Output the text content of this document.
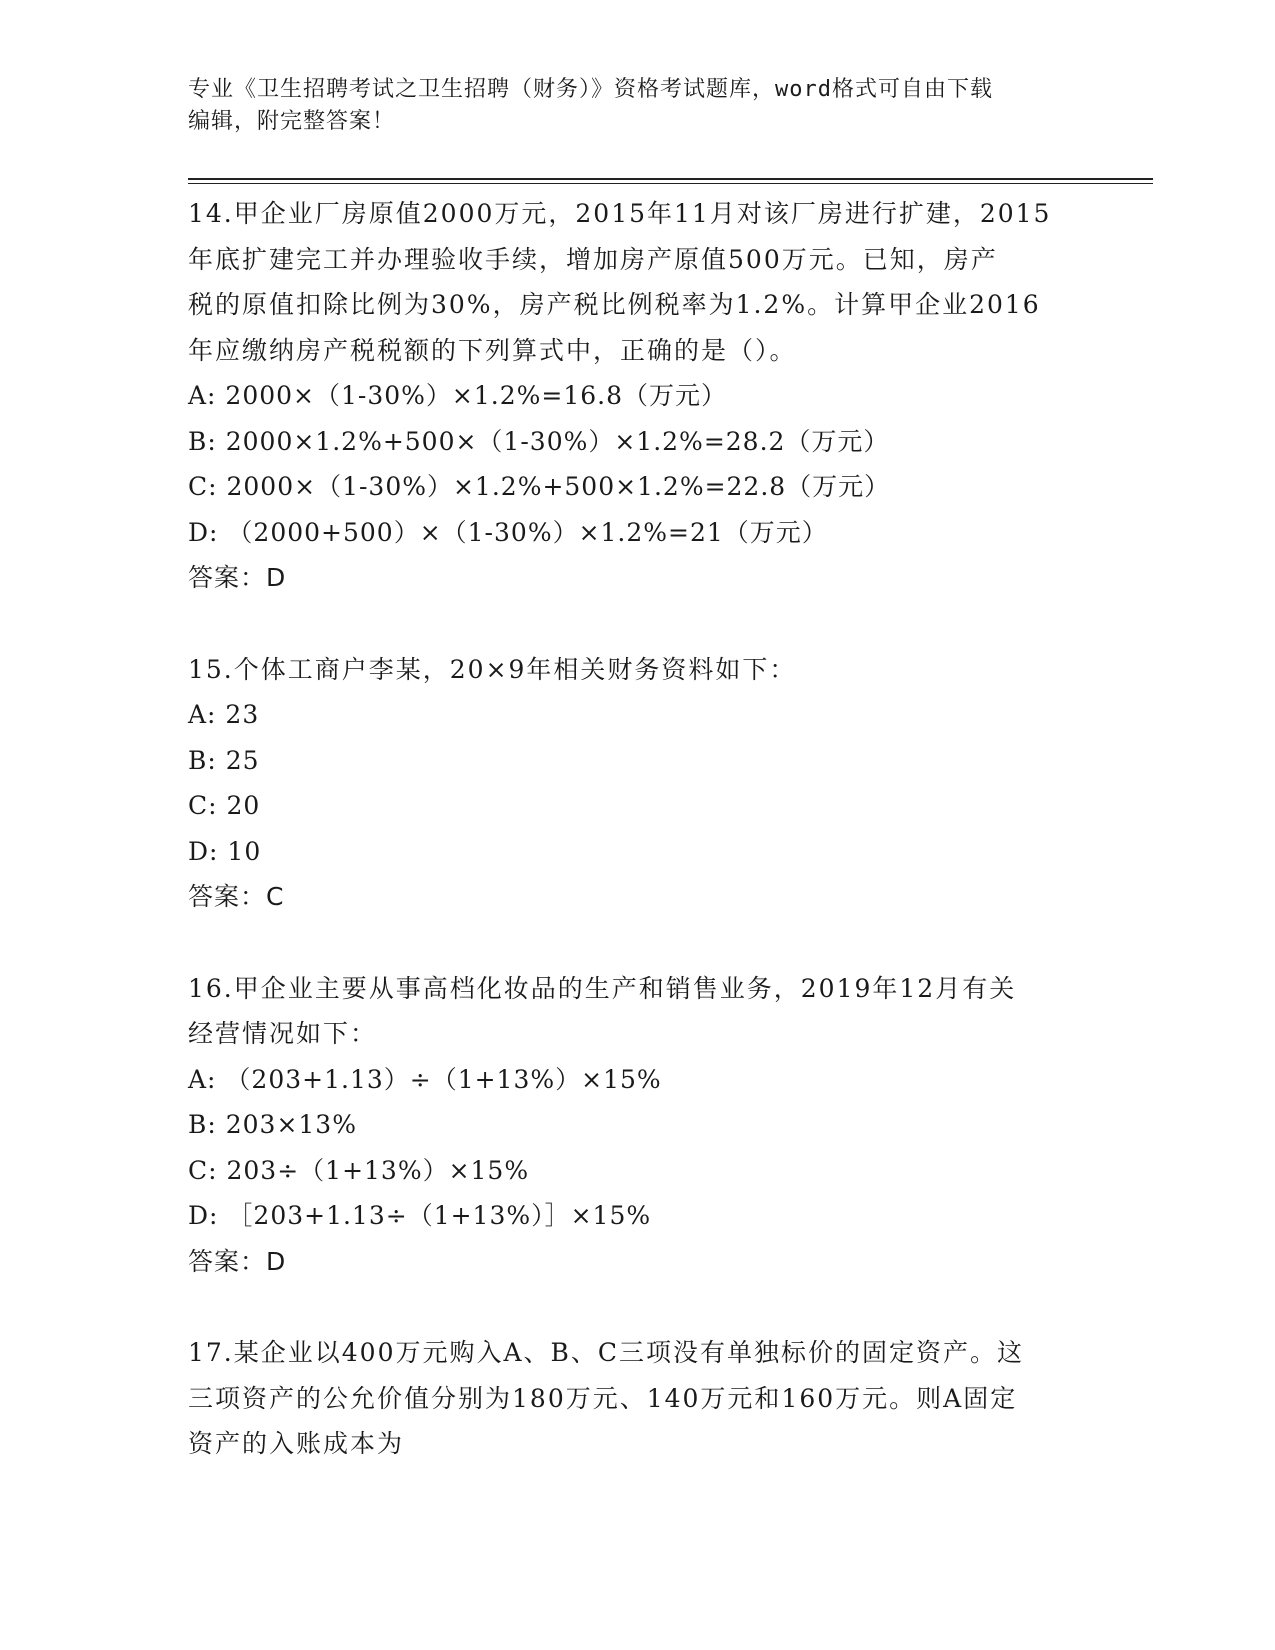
专业《卫生招聘考试之卫生招聘（财务）》资格考试题库，word格式可自由下载
编辑，附完整答案！
14.甲企业厂房原值2000万元，2015年11月对该厂房进行扩建，2015
年底扩建完工并办理验收手续，增加房产原值500万元。已知，房产
税的原值扣除比例为30%，房产税比例税率为1.2%。计算甲企业2016
年应缴纳房产税税额的下列算式中，正确的是（）。
A: 2000×（1-30%）×1.2%=16.8（万元）
B: 2000×1.2%+500×（1-30%）×1.2%=28.2（万元）
C: 2000×（1-30%）×1.2%+500×1.2%=22.8（万元）
D: （2000+500）×（1-30%）×1.2%=21（万元）
答案：D
15.个体工商户李某，20×9年相关财务资料如下：
A: 23
B: 25
C: 20
D: 10
答案：C
16.甲企业主要从事高档化妆品的生产和销售业务，2019年12月有关
经营情况如下：
A: （203+1.13）÷（1+13%）×15%
B: 203×13%
C: 203÷（1+13%）×15%
D: ［203+1.13÷（1+13%）］×15%
答案：D
17.某企业以400万元购入A、B、C三项没有单独标价的固定资产。这
三项资产的公允价值分别为180万元、140万元和160万元。则A固定
资产的入账成本为
